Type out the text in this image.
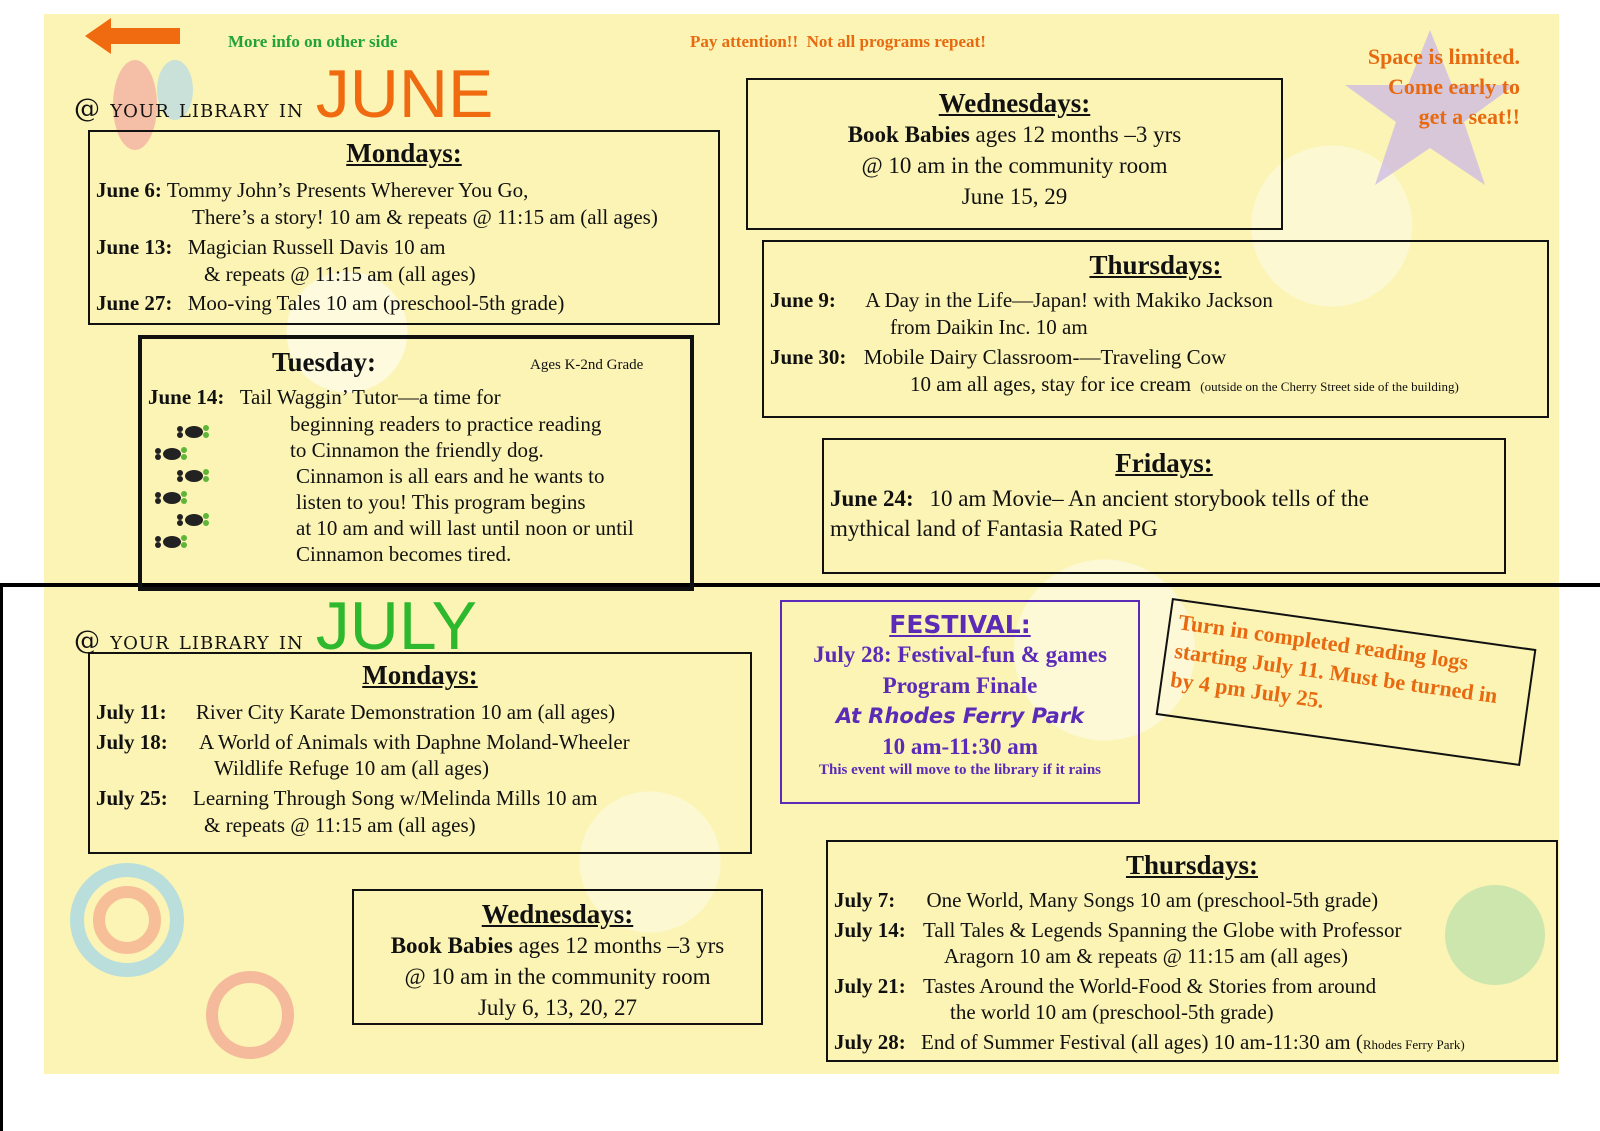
More info on other side	Pay attention!!  Not all programs repeat!
Space is limited.
Come early to
get a seat!!
@ your library in JUNE
Mondays:
June 6: Tommy John’s Presents Wherever You Go,
There’s a story! 10 am & repeats @ 11:15 am (all ages)
June 13: Magician Russell Davis 10 am
& repeats @ 11:15 am (all ages)
June 27: Moo-ving Tales 10 am (preschool-5th grade)
Tuesday:	Ages K-2nd Grade
June 14: Tail Waggin’ Tutor—a time for
beginning readers to practice reading
to Cinnamon the friendly dog.
Cinnamon is all ears and he wants to
listen to you! This program begins
at 10 am and will last until noon or until
Cinnamon becomes tired.
Wednesdays:
Book Babies ages 12 months –3 yrs
@ 10 am in the community room
June 15, 29
Thursdays:
June 9: A Day in the Life—Japan! with Makiko Jackson
from Daikin Inc. 10 am
June 30: Mobile Dairy Classroom-—Traveling Cow
10 am all ages, stay for ice cream (outside on the Cherry Street side of the building)
Fridays:
June 24: 10 am Movie– An ancient storybook tells of the
mythical land of Fantasia Rated PG
@ your library in JULY
Mondays:
July 11: River City Karate Demonstration 10 am (all ages)
July 18: A World of Animals with Daphne Moland-Wheeler
Wildlife Refuge 10 am (all ages)
July 25: Learning Through Song w/Melinda Mills 10 am
& repeats @ 11:15 am (all ages)
FESTIVAL:
July 28: Festival-fun & games
Program Finale
At Rhodes Ferry Park
10 am-11:30 am
This event will move to the library if it rains
Turn in completed reading logs starting July 11. Must be turned in by 4 pm July 25.
Wednesdays:
Book Babies ages 12 months –3 yrs
@ 10 am in the community room
July 6, 13, 20, 27
Thursdays:
July 7: One World, Many Songs 10 am (preschool-5th grade)
July 14: Tall Tales & Legends Spanning the Globe with Professor
Aragorn 10 am & repeats @ 11:15 am (all ages)
July 21: Tastes Around the World-Food & Stories from around
the world 10 am (preschool-5th grade)
July 28: End of Summer Festival (all ages) 10 am-11:30 am (Rhodes Ferry Park)
